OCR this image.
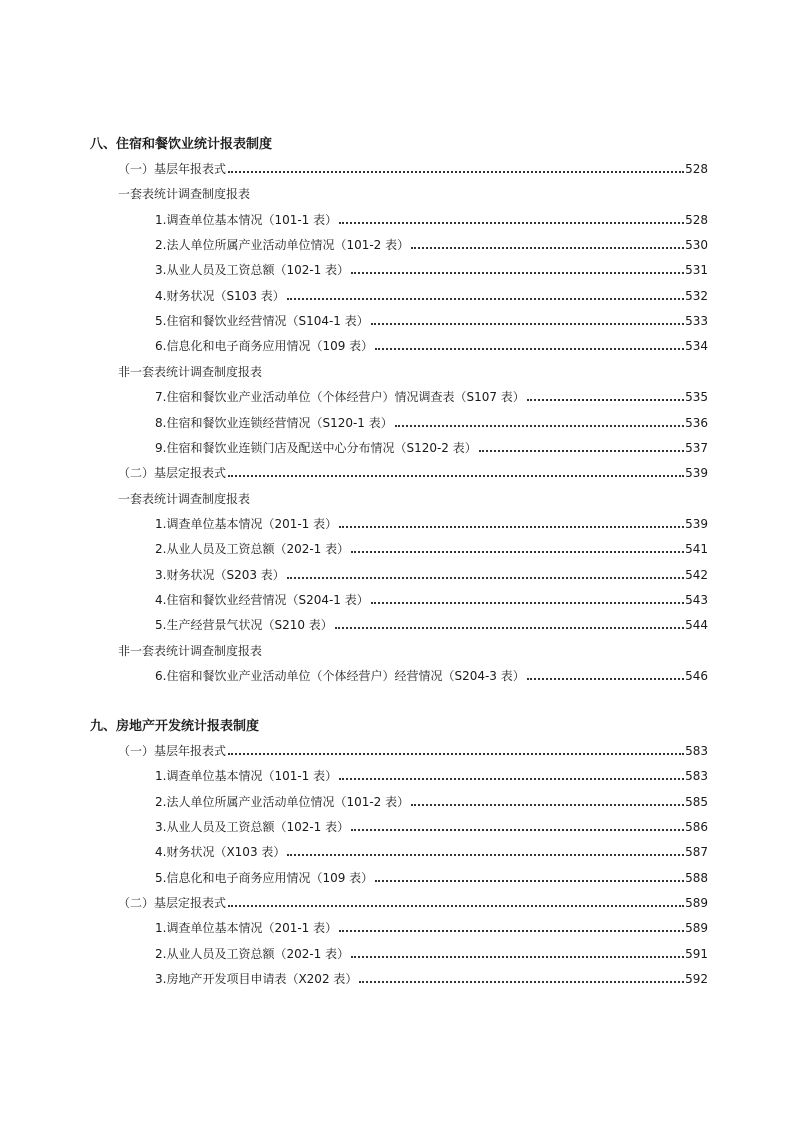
八、住宿和餐饮业统计报表制度
（一）基层年报表式	528
一套表统计调查制度报表
1.调查单位基本情况（101-1 表）	528
2.法人单位所属产业活动单位情况（101-2 表）	530
3.从业人员及工资总额（102-1 表）	531
4.财务状况（S103 表）	532
5.住宿和餐饮业经营情况（S104-1 表）	533
6.信息化和电子商务应用情况（109 表）	534
非一套表统计调查制度报表
7.住宿和餐饮业产业活动单位（个体经营户）情况调查表（S107 表）	535
8.住宿和餐饮业连锁经营情况（S120-1 表）	536
9.住宿和餐饮业连锁门店及配送中心分布情况（S120-2 表）	537
（二）基层定报表式	539
一套表统计调查制度报表
1.调查单位基本情况（201-1 表）	539
2.从业人员及工资总额（202-1 表）	541
3.财务状况（S203 表）	542
4.住宿和餐饮业经营情况（S204-1 表）	543
5.生产经营景气状况（S210 表）	544
非一套表统计调查制度报表
6.住宿和餐饮业产业活动单位（个体经营户）经营情况（S204-3 表）	546
九、房地产开发统计报表制度
（一）基层年报表式	583
1.调查单位基本情况（101-1 表）	583
2.法人单位所属产业活动单位情况（101-2 表）	585
3.从业人员及工资总额（102-1 表）	586
4.财务状况（X103 表）	587
5.信息化和电子商务应用情况（109 表）	588
（二）基层定报表式	589
1.调查单位基本情况（201-1 表）	589
2.从业人员及工资总额（202-1 表）	591
3.房地产开发项目申请表（X202 表）	592
